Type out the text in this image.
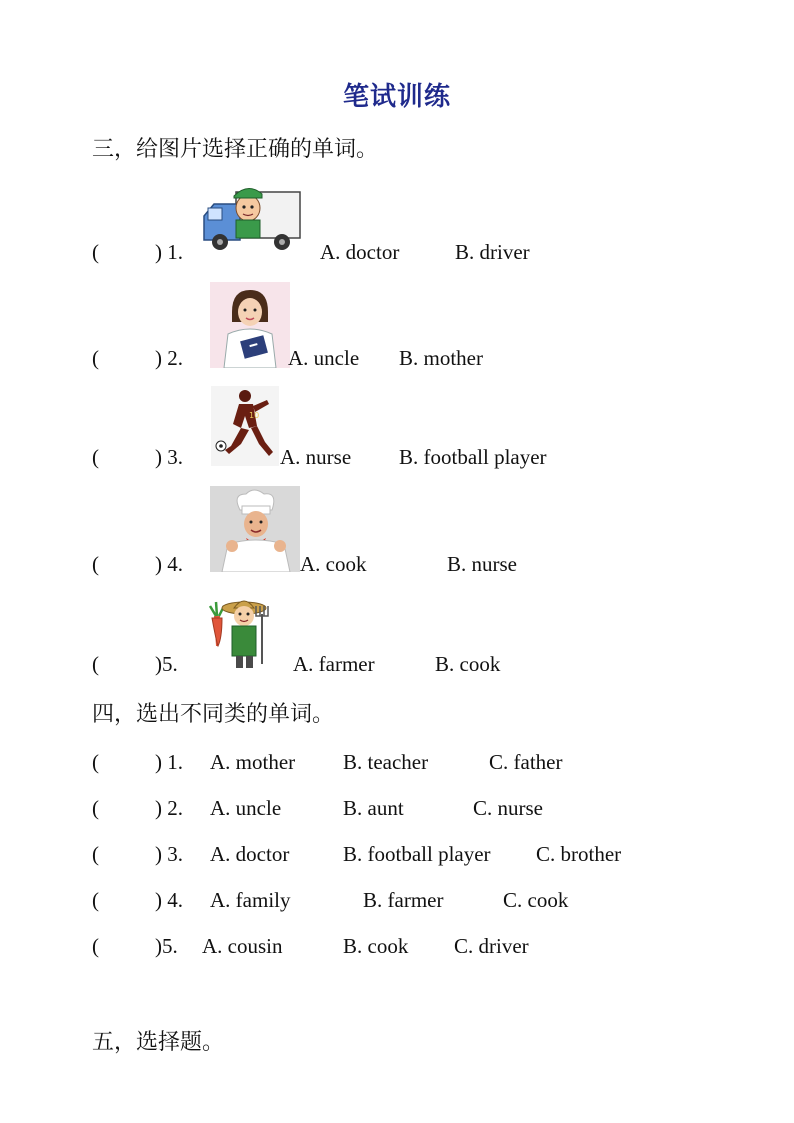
笔试训练
三，给图片选择正确的单词。
(	) 1.	A. doctor	B. driver
(	) 2.	A. uncle B. mother
(	) 3.
10
A. nurse B. football player
(	) 4.	A. cook	B. nurse
(	)5.	A. farmer	B. cook
四，选出不同类的单词。
(	) 1. A. mother B. teacher	C. father
(	) 2. A. uncle	B. aunt	C. nurse
(	) 3. A. doctor	B. football player C. brother
(	) 4. A. family	B. farmer	C. cook
(	)5. A. cousin	B. cook C. driver
五，选择题。
